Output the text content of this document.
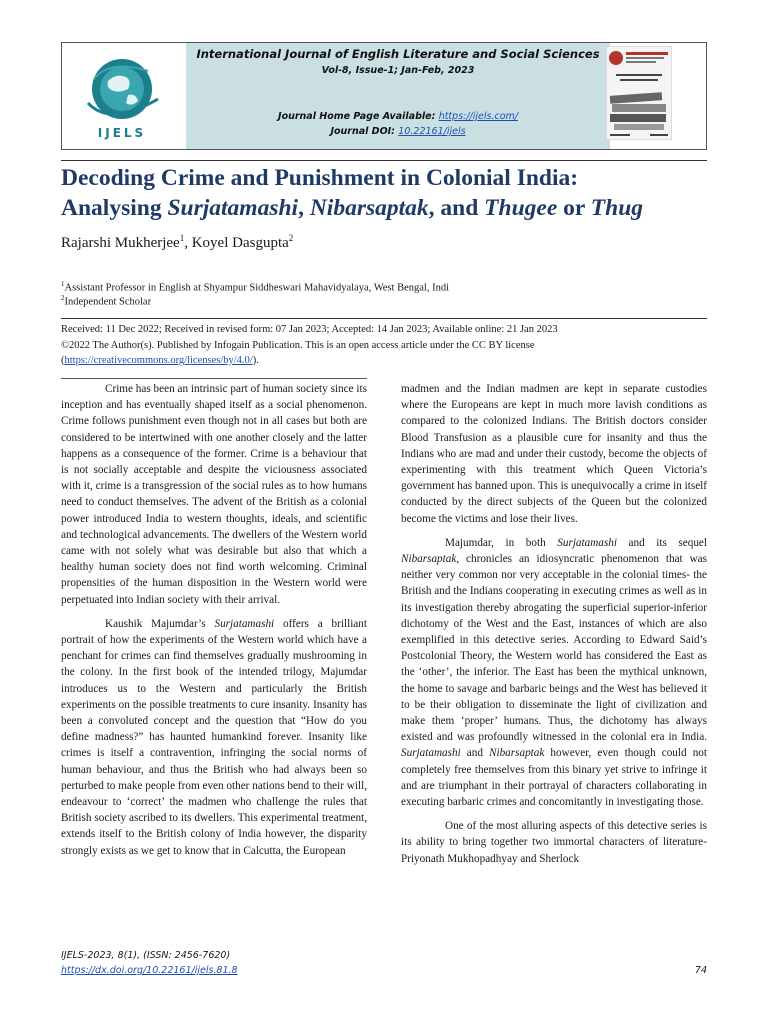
IJELS
International Journal of English Literature and Social Sciences
Vol-8, Issue-1; Jan-Feb, 2023
Journal Home Page Available: https://ijels.com/
Journal DOI: 10.22161/ijels
Decoding Crime and Punishment in Colonial India:
Analysing Surjatamashi, Nibarsaptak, and Thugee or Thug
Rajarshi Mukherjee$^1$, Koyel Dasgupta$^2$
$^1$Assistant Professor in English at Shyampur Siddheswari Mahavidyalaya, West Bengal, Indi
$^2$Independent Scholar
Received: 11 Dec 2022; Received in revised form: 07 Jan 2023; Accepted: 14 Jan 2023; Available online: 21 Jan 2023
©2022 The Author(s). Published by Infogain Publication. This is an open access article under the CC BY license
(https://creativecommons.org/licenses/by/4.0/).

Crime has been an intrinsic part of human society since its inception and has eventually shaped itself as a social phenomenon. Crime follows punishment even though not in all cases but both are considered to be intertwined with one another closely and the latter happens as a consequence of the former. Crime is a behaviour that is not socially acceptable and despite the viciousness associated with it, crime is a transgression of the social rules as to how humans need to conduct themselves. The advent of the British as a colonial power introduced India to western thoughts, ideals, and scientific and technological advancements. The dwellers of the Western world came with not solely what was desirable but also that which a healthy human society does not find worth welcoming. Criminal propensities of the human disposition in the Western world were perpetuated into Indian society with their arrival.

Kaushik Majumdar’s Surjatamashi offers a brilliant portrait of how the experiments of the Western world which have a penchant for crimes can find themselves gradually mushrooming in the colony. In the first book of the intended trilogy, Majumdar introduces us to the Western and particularly the British experiments on the possible treatments to cure insanity. Insanity has been a convoluted concept and the question that “How do you define madness?” has haunted humankind forever. Insanity like crimes is itself a contravention, infringing the social norms of human behaviour, and thus the British who had always been so perturbed to make people from even other nations bend to their will, endeavour to ‘correct’ the madmen who challenge the rules that British society ascribed to its dwellers. This experimental treatment, extends itself to the British colony of India however, the disparity strongly exists as we get to know that in Calcutta, the European

madmen and the Indian madmen are kept in separate custodies where the Europeans are kept in much more lavish conditions as compared to the colonized Indians. The British doctors consider Blood Transfusion as a plausible cure for insanity and thus the Indians who are mad and under their custody, become the objects of experimenting with this treatment which Queen Victoria’s government has banned upon. This is unequivocally a crime in itself conducted by the direct subjects of the Queen but the colonized become the victims and lose their lives.

Majumdar, in both Surjatamashi and its sequel Nibarsaptak, chronicles an idiosyncratic phenomenon that was neither very common nor very acceptable in the colonial times- the British and the Indians cooperating in executing crimes as well as in its investigation thereby abrogating the superficial superior-inferior dichotomy of the West and the East, instances of which are also exemplified in this detective series. According to Edward Said’s Postcolonial Theory, the Western world has considered the East as the ‘other’, the inferior. The East has been the mythical unknown, the home to savage and barbaric beings and the West has believed it to be their obligation to disseminate the light of civilization and make them ‘proper’ humans. Thus, the dichotomy has always existed and was profoundly witnessed in the colonial era in India. Surjatamashi and Nibarsaptak however, even though could not completely free themselves from this binary yet strive to infringe it and are triumphant in their portrayal of characters collaborating in executing barbaric crimes and concomitantly in investigating those.

One of the most alluring aspects of this detective series is its ability to bring together two immortal characters of literature- Priyonath Mukhopadhyay and Sherlock

IJELS-2023, 8(1), (ISSN: 2456-7620)
https://dx.doi.org/10.22161/ijels.81.8	74
